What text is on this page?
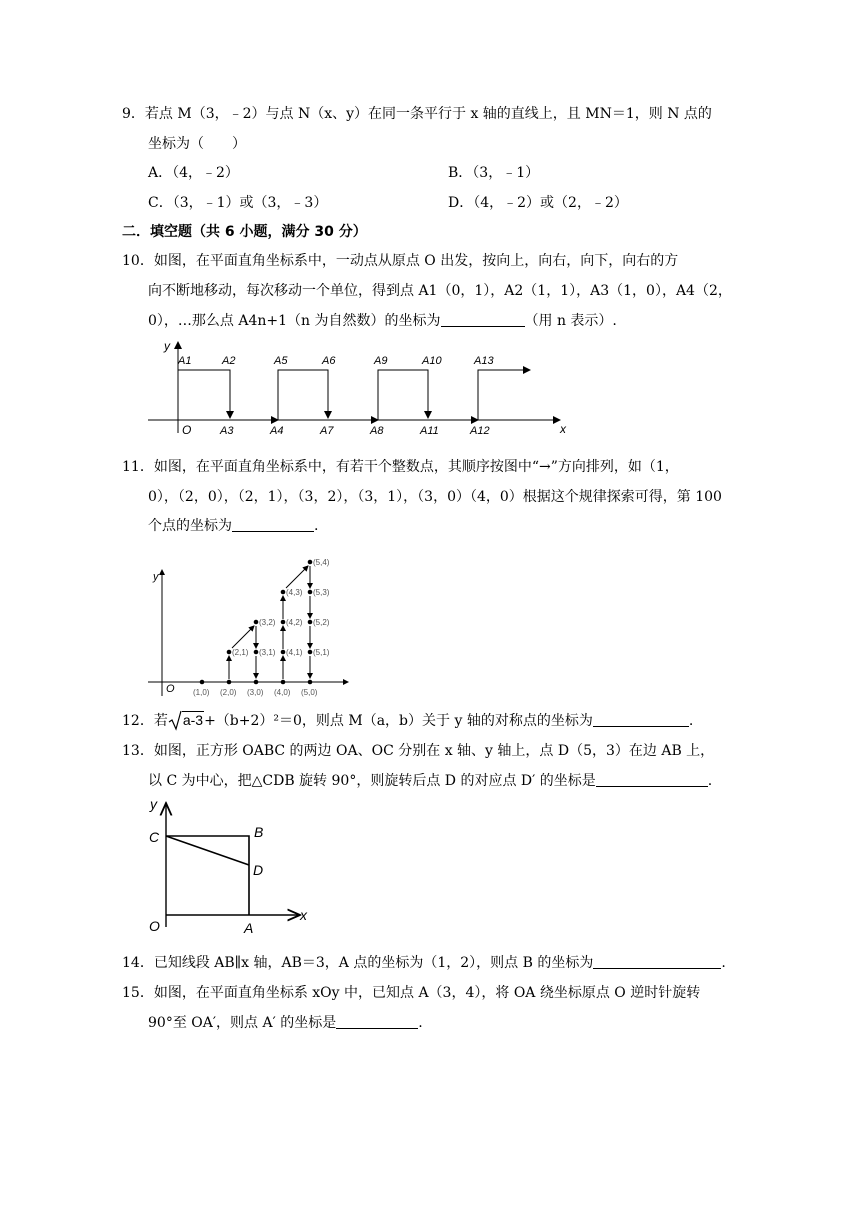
9．若点 M（3，﹣2）与点 N（x、y）在同一条平行于 x 轴的直线上，且 MN＝1，则 N 点的
坐标为（　　）
A．（4，﹣2）	B．（3，﹣1）
C．（3，﹣1）或（3，﹣3）	D．（4，﹣2）或（2，﹣2）
二．填空题（共 6 小题，满分 30 分）
10．如图，在平面直角坐标系中，一动点从原点 O 出发，按向上，向右，向下，向右的方
向不断地移动，每次移动一个单位，得到点 A1（0，1），A2（1，1），A3（1，0），A4（2，
0），…那么点 A4n+1（n 为自然数）的坐标为	（用 n 表示）.
x
y
O
A1	A2	A5	A6	A9	A10	A13
A3	A4	A7	A8	A11	A12
11．如图，在平面直角坐标系中，有若干个整数点，其顺序按图中“→”方向排列，如（1，
0），（2，0），（2，1），（3，2），（3，1），（3，0）（4，0）根据这个规律探索可得，第 100
个点的坐标为	.
y
O (1,0) (2,0) (3,0) (4,0) (5,0)
(2,1) (3,1) (4,1) (5,1)
(3,2) (4,2) (5,2)
(4,3) (5,3)
(5,4)
12．若 a-3+（b+2）²＝0，则点 M（a，b）关于 y 轴的对称点的坐标为	.
13．如图，正方形 OABC 的两边 OA、OC 分别在 x 轴、y 轴上，点 D（5，3）在边 AB 上，
以 C 为中心，把△CDB 旋转 90°，则旋转后点 D 的对应点 D′ 的坐标是	.
y
x
O	A
B
C
D
14．已知线段 AB∥x 轴，AB＝3，A 点的坐标为（1，2），则点 B 的坐标为	.
15．如图，在平面直角坐标系 xOy 中，已知点 A（3，4），将 OA 绕坐标原点 O 逆时针旋转
90°至 OA′，则点 A′ 的坐标是	.
